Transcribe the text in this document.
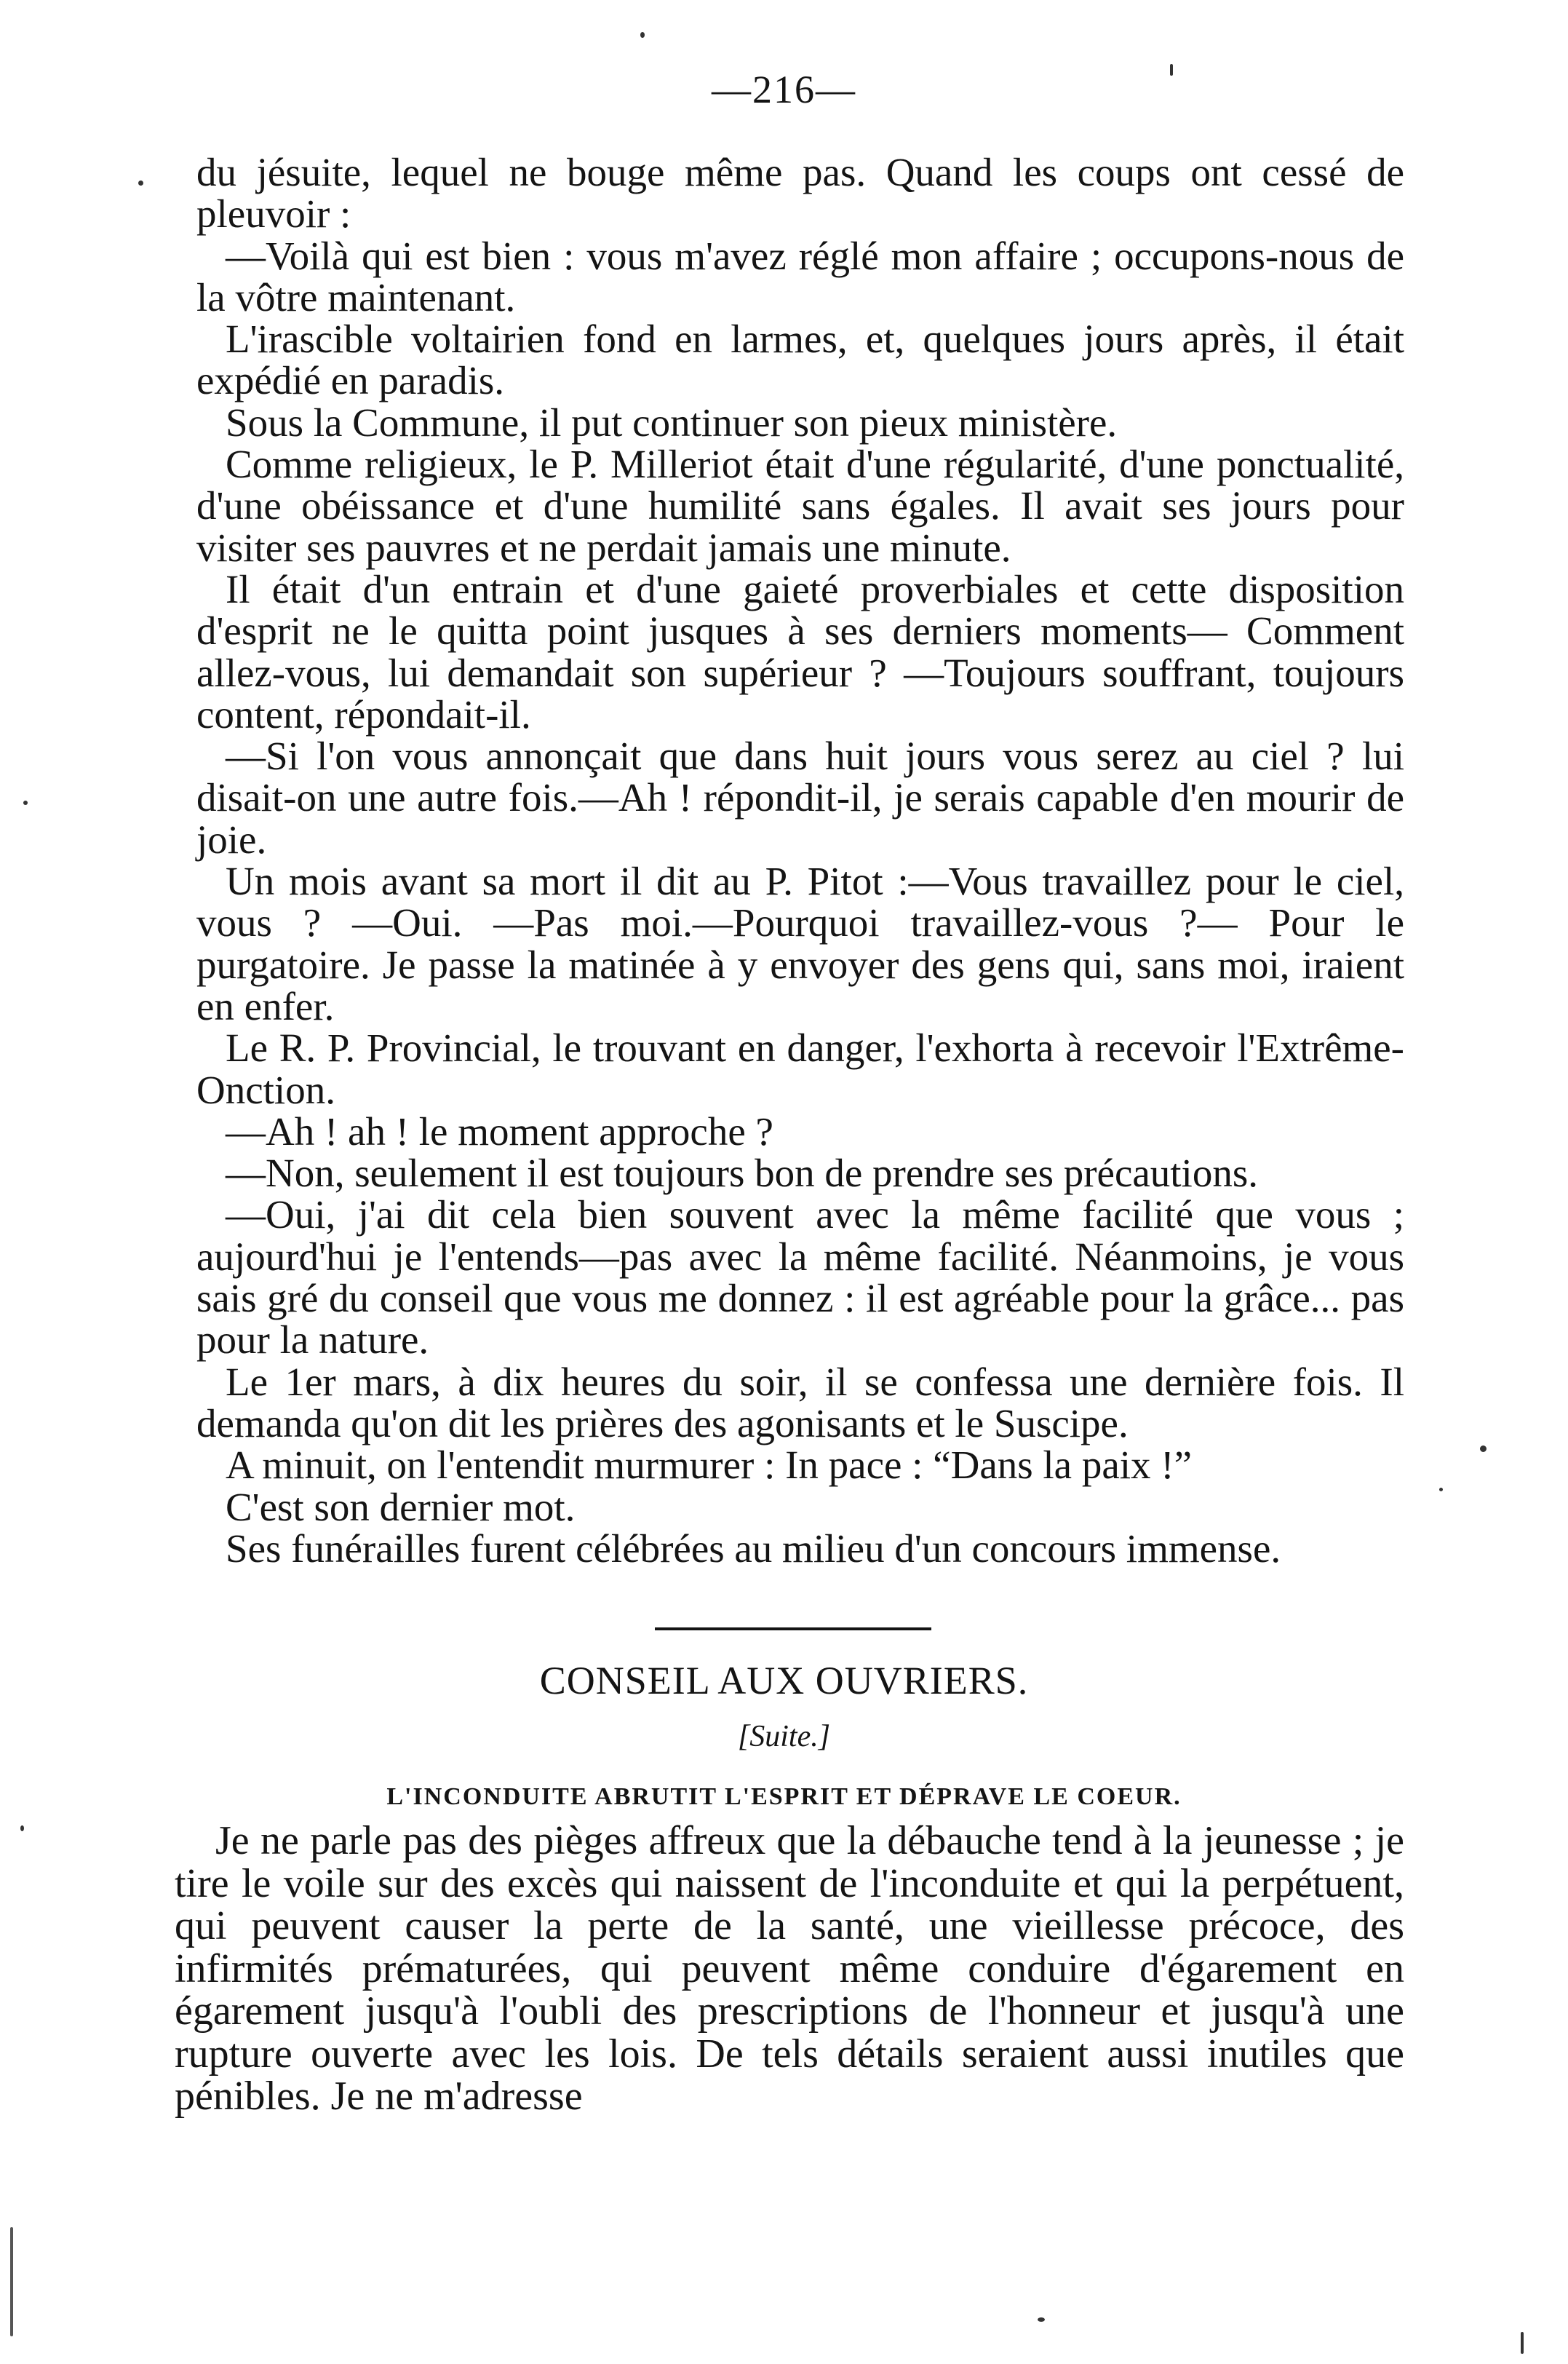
—216—

du jésuite, lequel ne bouge même pas. Quand les coups ont cessé de pleuvoir :

—Voilà qui est bien : vous m'avez réglé mon affaire ; occupons-nous de la vôtre maintenant.

L'irascible voltairien fond en larmes, et, quelques jours après, il était expédié en paradis.

Sous la Commune, il put continuer son pieux ministère.

Comme religieux, le P. Milleriot était d'une régularité, d'une ponctualité, d'une obéissance et d'une humilité sans égales. Il avait ses jours pour visiter ses pauvres et ne perdait jamais une minute.

Il était d'un entrain et d'une gaieté proverbiales et cette disposition d'esprit ne le quitta point jusques à ses derniers moments— Comment allez-vous, lui demandait son supérieur ? —Toujours souffrant, toujours content, répondait-il.

—Si l'on vous annonçait que dans huit jours vous serez au ciel ? lui disait-on une autre fois.—Ah ! répondit-il, je serais capable d'en mourir de joie.

Un mois avant sa mort il dit au P. Pitot :—Vous travaillez pour le ciel, vous ? —Oui. —Pas moi.—Pourquoi travaillez-vous ?— Pour le purgatoire. Je passe la matinée à y envoyer des gens qui, sans moi, iraient en enfer.

Le R. P. Provincial, le trouvant en danger, l'exhorta à recevoir l'Extrême-Onction.

—Ah ! ah ! le moment approche ?

—Non, seulement il est toujours bon de prendre ses précautions.

—Oui, j'ai dit cela bien souvent avec la même facilité que vous ; aujourd'hui je l'entends—pas avec la même facilité. Néanmoins, je vous sais gré du conseil que vous me donnez : il est agréable pour la grâce... pas pour la nature.

Le 1er mars, à dix heures du soir, il se confessa une dernière fois. Il demanda qu'on dit les prières des agonisants et le Suscipe.

A minuit, on l'entendit murmurer : In pace : “Dans la paix !”

C'est son dernier mot.

Ses funérailles furent célébrées au milieu d'un concours immense.

CONSEIL AUX OUVRIERS.
[Suite.]
L'INCONDUITE ABRUTIT L'ESPRIT ET DÉPRAVE LE COEUR.

Je ne parle pas des pièges affreux que la débauche tend à la jeunesse ; je tire le voile sur des excès qui naissent de l'inconduite et qui la perpétuent, qui peuvent causer la perte de la santé, une vieillesse précoce, des infirmités prématurées, qui peuvent même conduire d'égarement en égarement jusqu'à l'oubli des prescriptions de l'honneur et jusqu'à une rupture ouverte avec les lois. De tels détails seraient aussi inutiles que pénibles. Je ne m'adresse
